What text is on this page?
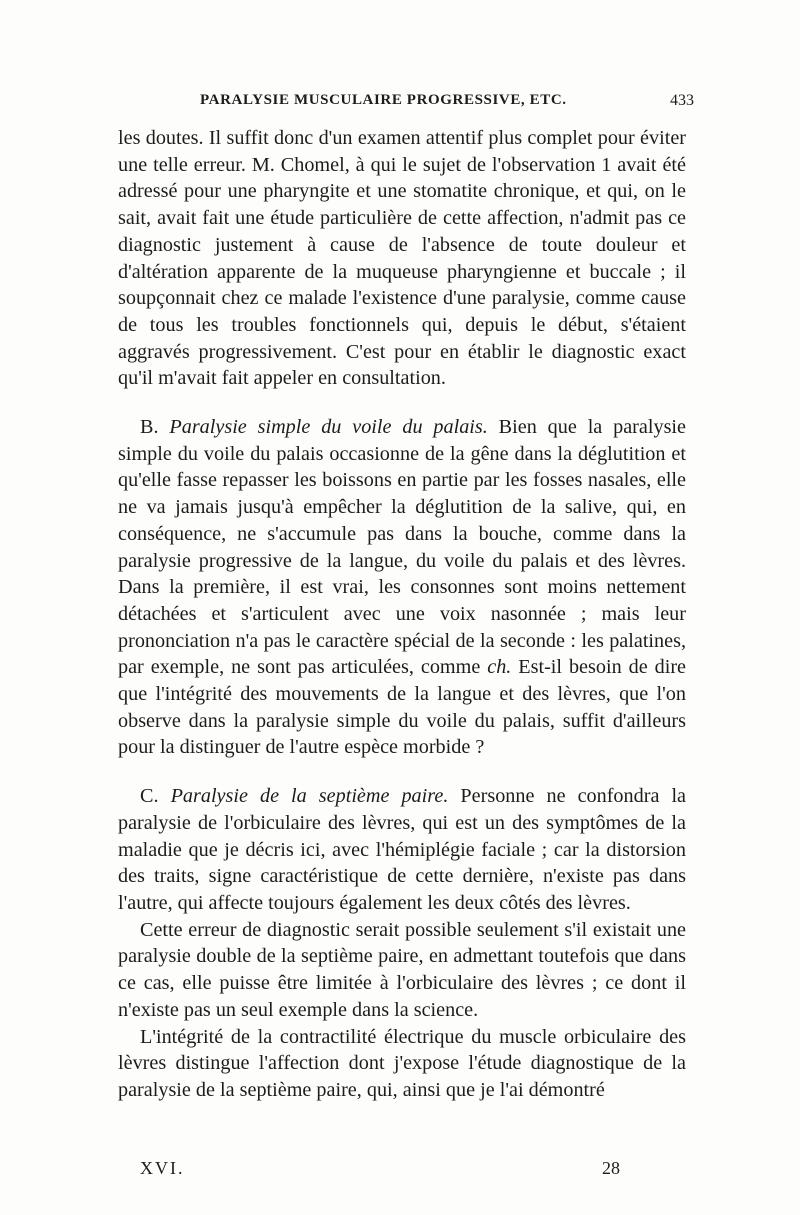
PARALYSIE MUSCULAIRE PROGRESSIVE, ETC.	433

les doutes. Il suffit donc d'un examen attentif plus complet pour éviter une telle erreur. M. Chomel, à qui le sujet de l'observation 1 avait été adressé pour une pharyngite et une stomatite chronique, et qui, on le sait, avait fait une étude particulière de cette affection, n'admit pas ce diagnostic justement à cause de l'absence de toute douleur et d'altération apparente de la muqueuse pharyngienne et buccale ; il soupçonnait chez ce malade l'existence d'une paralysie, comme cause de tous les troubles fonctionnels qui, depuis le début, s'étaient aggravés progressivement. C'est pour en établir le diagnostic exact qu'il m'avait fait appeler en consultation.

B. Paralysie simple du voile du palais. Bien que la paralysie simple du voile du palais occasionne de la gêne dans la déglutition et qu'elle fasse repasser les boissons en partie par les fosses nasales, elle ne va jamais jusqu'à empêcher la déglutition de la salive, qui, en conséquence, ne s'accumule pas dans la bouche, comme dans la paralysie progressive de la langue, du voile du palais et des lèvres. Dans la première, il est vrai, les consonnes sont moins nettement détachées et s'articulent avec une voix nasonnée ; mais leur prononciation n'a pas le caractère spécial de la seconde : les palatines, par exemple, ne sont pas articulées, comme ch. Est-il besoin de dire que l'intégrité des mouvements de la langue et des lèvres, que l'on observe dans la paralysie simple du voile du palais, suffit d'ailleurs pour la distinguer de l'autre espèce morbide ?

C. Paralysie de la septième paire. Personne ne confondra la paralysie de l'orbiculaire des lèvres, qui est un des symptômes de la maladie que je décris ici, avec l'hémiplégie faciale ; car la distorsion des traits, signe caractéristique de cette dernière, n'existe pas dans l'autre, qui affecte toujours également les deux côtés des lèvres.

Cette erreur de diagnostic serait possible seulement s'il existait une paralysie double de la septième paire, en admettant toutefois que dans ce cas, elle puisse être limitée à l'orbiculaire des lèvres ; ce dont il n'existe pas un seul exemple dans la science.

L'intégrité de la contractilité électrique du muscle orbiculaire des lèvres distingue l'affection dont j'expose l'étude diagnostique de la paralysie de la septième paire, qui, ainsi que je l'ai démontré

XVI.	28
